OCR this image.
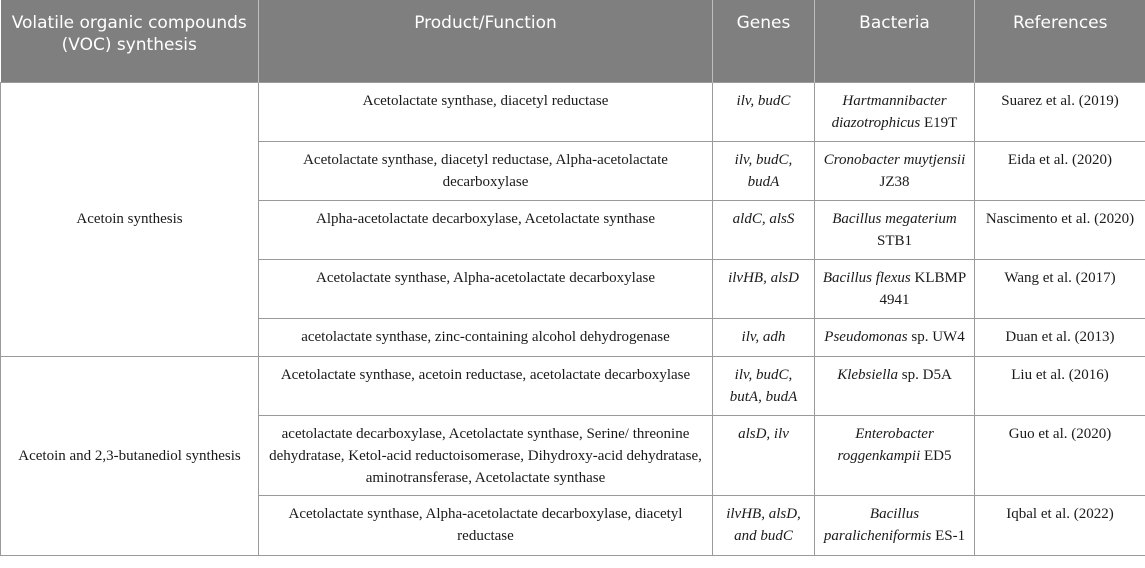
Volatile organic compounds (VOC) synthesis	Product/Function	Genes	Bacteria	References
Acetoin synthesis	Acetolactate synthase, diacetyl reductase	ilv, budC	Hartmannibacter diazotrophicus E19T	Suarez et al. (2019)
	Acetolactate synthase, diacetyl reductase, Alpha-acetolactate decarboxylase	ilv, budC, budA	Cronobacter muytjensii JZ38	Eida et al. (2020)
	Alpha-acetolactate decarboxylase, Acetolactate synthase	aldC, alsS	Bacillus megaterium STB1	Nascimento et al. (2020)
	Acetolactate synthase, Alpha-acetolactate decarboxylase	ilvHB, alsD	Bacillus flexus KLBMP 4941	Wang et al. (2017)
	acetolactate synthase, zinc-containing alcohol dehydrogenase	ilv, adh	Pseudomonas sp. UW4	Duan et al. (2013)
Acetoin and 2,3-butanediol synthesis	Acetolactate synthase, acetoin reductase, acetolactate decarboxylase	ilv, budC, butA, budA	Klebsiella sp. D5A	Liu et al. (2016)
	acetolactate decarboxylase, Acetolactate synthase, Serine/ threonine dehydratase, Ketol-acid reductoisomerase, Dihydroxy-acid dehydratase, aminotransferase, Acetolactate synthase	alsD, ilv	Enterobacter roggenkampii ED5	Guo et al. (2020)
	Acetolactate synthase, Alpha-acetolactate decarboxylase, diacetyl reductase	ilvHB, alsD, and budC	Bacillus paralicheniformis ES-1	Iqbal et al. (2022)
